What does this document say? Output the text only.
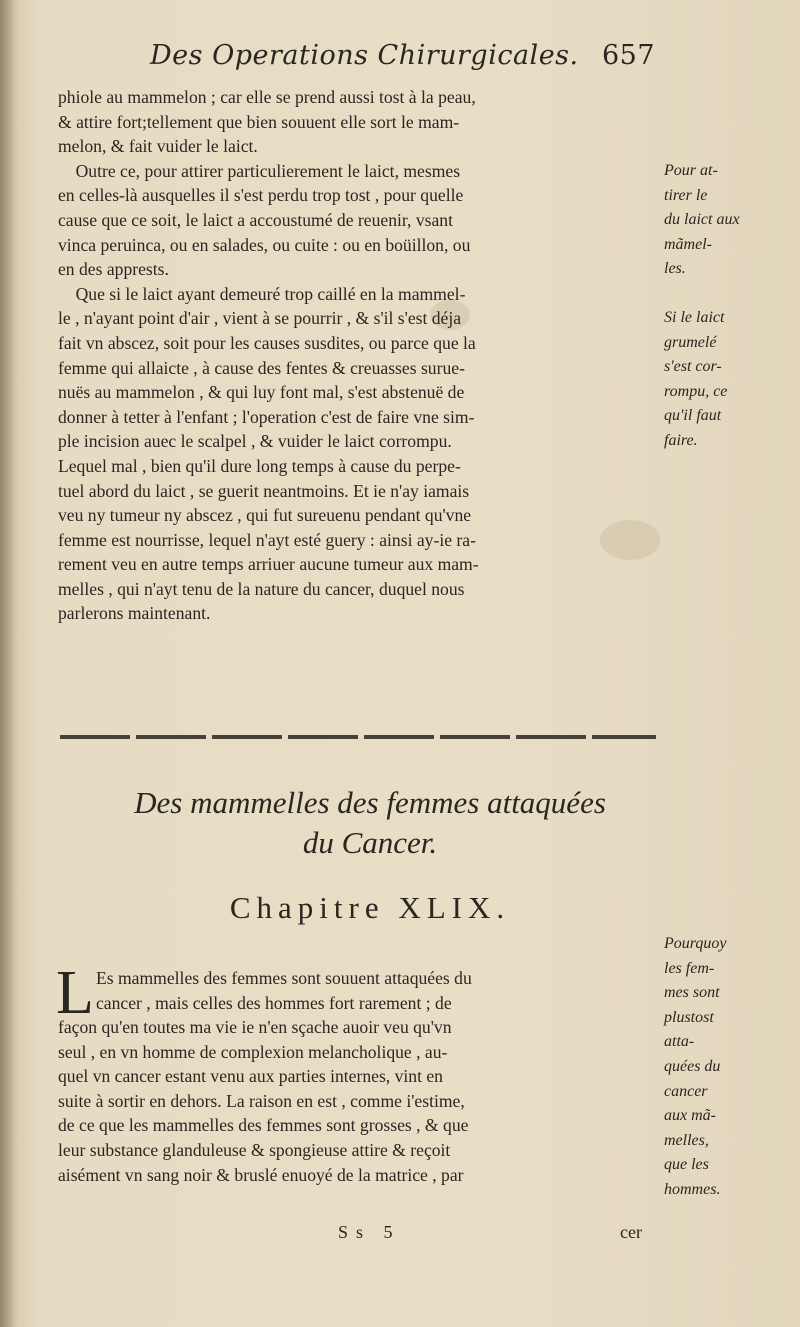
Des Operations Chirurgicales. 657
phiole au mammelon ; car elle se prend aussi tost à la peau,
& attire fort;tellement que bien souuent elle sort le mam-
melon, & fait vuider le laict.
Outre ce, pour attirer particulierement le laict, mesmes
en celles-là ausquelles il s'est perdu trop tost , pour quelle
cause que ce soit, le laict a accoustumé de reuenir, vsant
vinca peruinca, ou en salades, ou cuite : ou en boüillon, ou
en des apprests.
Que si le laict ayant demeuré trop caillé en la mammel-
le , n'ayant point d'air , vient à se pourrir , & s'il s'est déja
fait vn abscez, soit pour les causes susdites, ou parce que la
femme qui allaicte , à cause des fentes & creuasses surue-
nuës au mammelon , & qui luy font mal, s'est abstenuë de
donner à tetter à l'enfant ; l'operation c'est de faire vne sim-
ple incision auec le scalpel , & vuider le laict corrompu.
Lequel mal , bien qu'il dure long temps à cause du perpe-
tuel abord du laict , se guerit neantmoins. Et ie n'ay iamais
veu ny tumeur ny abscez , qui fut sureuenu pendant qu'vne
femme est nourrisse, lequel n'ayt esté guery : ainsi ay-ie ra-
rement veu en autre temps arriuer aucune tumeur aux mam-
melles , qui n'ayt tenu de la nature du cancer, duquel nous
parlerons maintenant.
Pour at-
tirer le
du laict aux
mãmel-
les.
Si le laict
grumelé
s'est cor-
rompu, ce
qu'il faut
faire.
Des mammelles des femmes attaquées
du Cancer.
Chapitre XLIX.
L Es mammelles des femmes sont souuent attaquées du
cancer , mais celles des hommes fort rarement ; de
façon qu'en toutes ma vie ie n'en sçache auoir veu qu'vn
seul , en vn homme de complexion melancholique , au-
quel vn cancer estant venu aux parties internes, vint en
suite à sortir en dehors. La raison en est , comme i'estime,
de ce que les mammelles des femmes sont grosses , & que
leur substance glanduleuse & spongieuse attire & reçoit
aisément vn sang noir & bruslé enuoyé de la matrice , par
Pourquoy
les fem-
mes sont
plustost
atta-
quées du
cancer
aux mã-
melles,
que les
hommes.
Ss 5	cer
